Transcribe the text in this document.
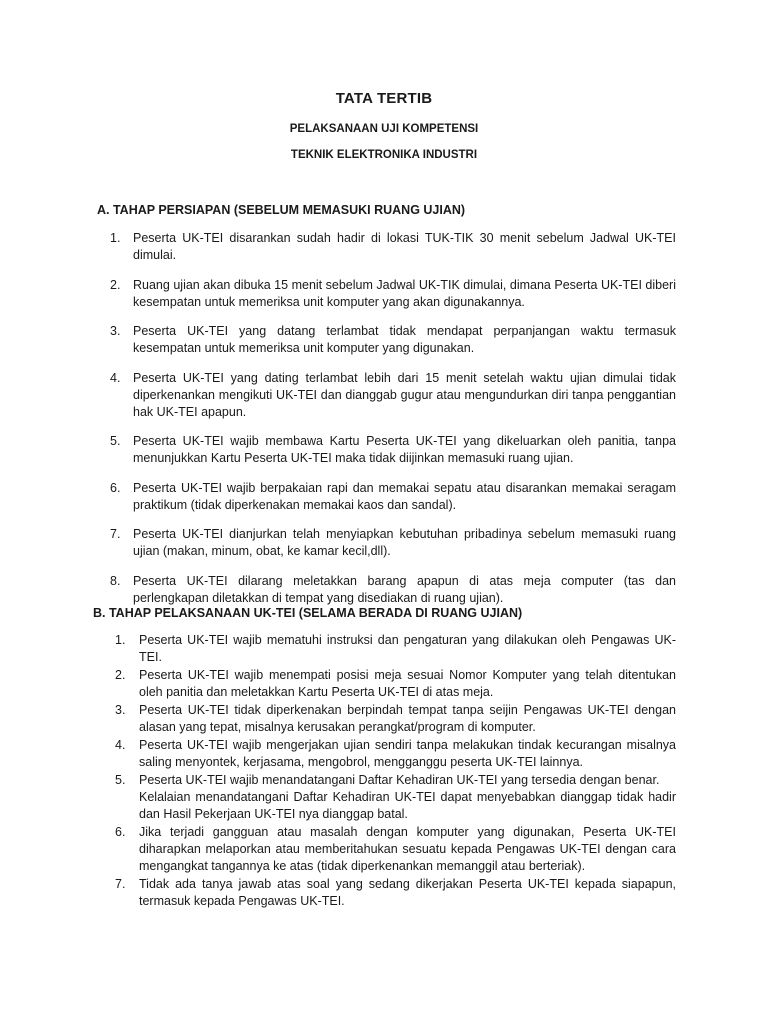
TATA TERTIB
PELAKSANAAN UJI KOMPETENSI
TEKNIK ELEKTRONIKA INDUSTRI
A. TAHAP PERSIAPAN (SEBELUM MEMASUKI RUANG UJIAN)
1. Peserta UK-TEI disarankan sudah hadir di lokasi TUK-TIK 30 menit sebelum Jadwal UK-TEI dimulai.
2. Ruang ujian akan dibuka 15 menit sebelum Jadwal UK-TIK dimulai, dimana Peserta UK-TEI diberi kesempatan untuk memeriksa unit komputer yang akan digunakannya.
3. Peserta UK-TEI yang datang terlambat tidak mendapat perpanjangan waktu termasuk kesempatan untuk memeriksa unit komputer yang digunakan.
4. Peserta UK-TEI yang dating terlambat lebih dari 15 menit setelah waktu ujian dimulai tidak diperkenankan mengikuti UK-TEI dan dianggab gugur atau mengundurkan diri tanpa penggantian hak UK-TEI apapun.
5. Peserta UK-TEI wajib membawa Kartu Peserta UK-TEI yang dikeluarkan oleh panitia, tanpa menunjukkan Kartu Peserta UK-TEI maka tidak diijinkan memasuki ruang ujian.
6. Peserta UK-TEI wajib berpakaian rapi dan memakai sepatu atau disarankan memakai seragam praktikum (tidak diperkenakan memakai kaos dan sandal).
7. Peserta UK-TEI dianjurkan telah menyiapkan kebutuhan pribadinya sebelum memasuki ruang ujian (makan, minum, obat, ke kamar kecil,dll).
8. Peserta UK-TEI dilarang meletakkan barang apapun di atas meja computer (tas dan perlengkapan diletakkan di tempat yang disediakan di ruang ujian).
B. TAHAP PELAKSANAAN UK-TEI (SELAMA BERADA DI RUANG UJIAN)
1. Peserta UK-TEI wajib mematuhi instruksi dan pengaturan yang dilakukan oleh Pengawas UK-TEI.
2. Peserta UK-TEI wajib menempati posisi meja sesuai Nomor Komputer yang telah ditentukan oleh panitia dan meletakkan Kartu Peserta UK-TEI di atas meja.
3. Peserta UK-TEI tidak diperkenakan berpindah tempat tanpa seijin Pengawas UK-TEI dengan alasan yang tepat, misalnya kerusakan perangkat/program di komputer.
4. Peserta UK-TEI wajib mengerjakan ujian sendiri tanpa melakukan tindak kecurangan misalnya saling menyontek, kerjasama, mengobrol, mengganggu peserta UK-TEI lainnya.
5. Peserta UK-TEI wajib menandatangani Daftar Kehadiran UK-TEI yang tersedia dengan benar.
Kelalaian menandatangani Daftar Kehadiran UK-TEI dapat menyebabkan dianggap tidak hadir dan Hasil Pekerjaan UK-TEI nya dianggap batal.
6. Jika terjadi gangguan atau masalah dengan komputer yang digunakan, Peserta UK-TEI diharapkan melaporkan atau memberitahukan sesuatu kepada Pengawas UK-TEI dengan cara mengangkat tangannya ke atas (tidak diperkenankan memanggil atau berteriak).
7. Tidak ada tanya jawab atas soal yang sedang dikerjakan Peserta UK-TEI kepada siapapun, termasuk kepada Pengawas UK-TEI.
